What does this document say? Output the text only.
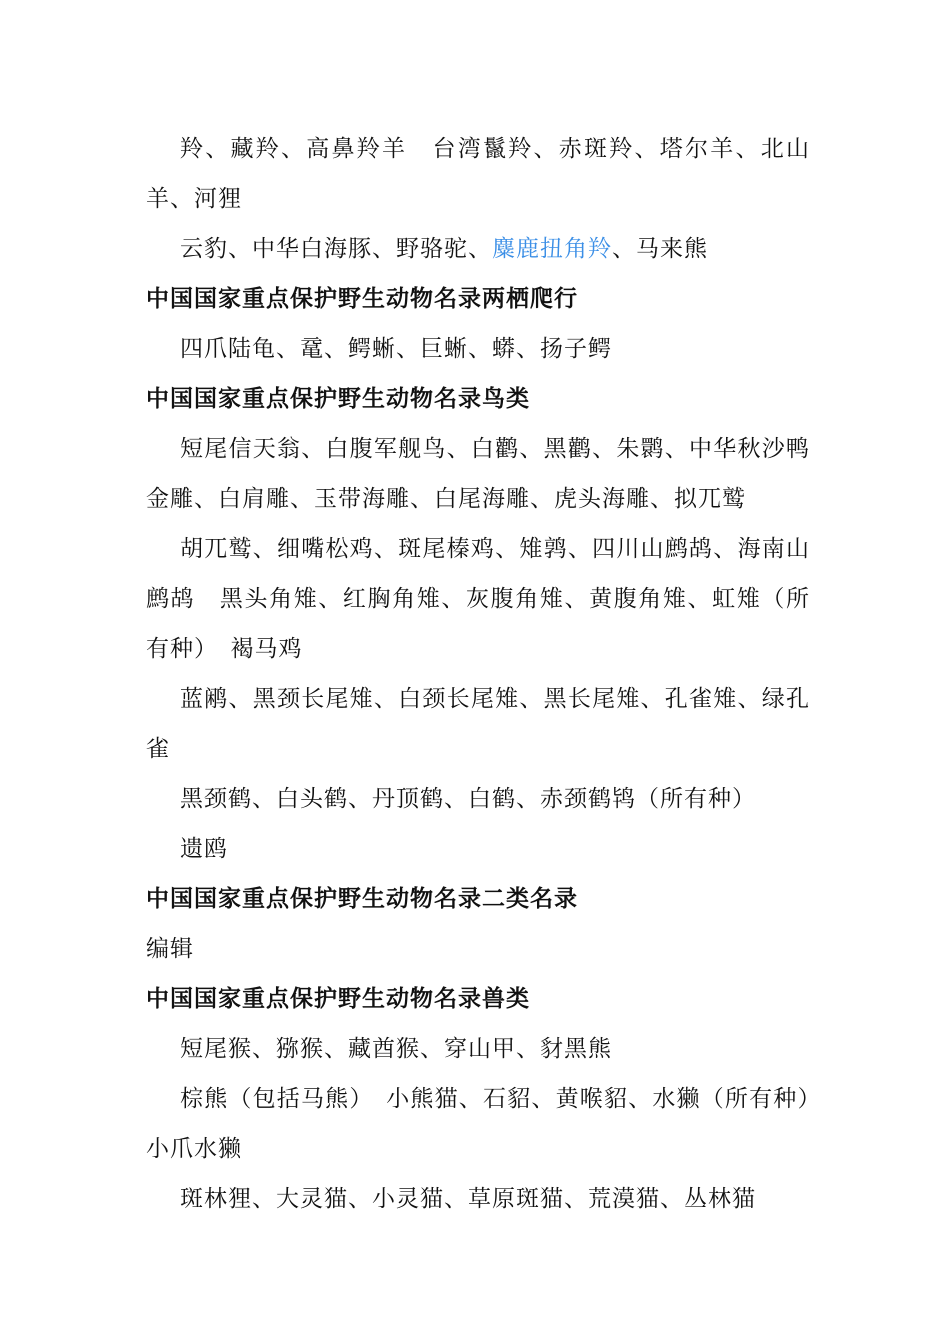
羚、藏羚、高鼻羚羊　台湾鬣羚、赤斑羚、塔尔羊、北山羊、河狸

云豹、中华白海豚、野骆驼、麋鹿扭角羚、马来熊

中国国家重点保护野生动物名录两栖爬行

四爪陆龟、鼋、鳄蜥、巨蜥、蟒、扬子鳄

中国国家重点保护野生动物名录鸟类

短尾信天翁、白腹军舰鸟、白鹳、黑鹳、朱鹮、中华秋沙鸭金雕、白肩雕、玉带海雕、白尾海雕、虎头海雕、拟兀鹫

胡兀鹫、细嘴松鸡、斑尾榛鸡、雉鹑、四川山鹧鸪、海南山鹧鸪　黑头角雉、红胸角雉、灰腹角雉、黄腹角雉、虹雉（所有种）　褐马鸡

蓝鹇、黑颈长尾雉、白颈长尾雉、黑长尾雉、孔雀雉、绿孔雀

黑颈鹤、白头鹤、丹顶鹤、白鹤、赤颈鹤鸨（所有种）

遗鸥

中国国家重点保护野生动物名录二类名录

编辑

中国国家重点保护野生动物名录兽类

短尾猴、猕猴、藏酋猴、穿山甲、豺黑熊

棕熊（包括马熊）　小熊猫、石貂、黄喉貂、水獭（所有种）小爪水獭

斑林狸、大灵猫、小灵猫、草原斑猫、荒漠猫、丛林猫
